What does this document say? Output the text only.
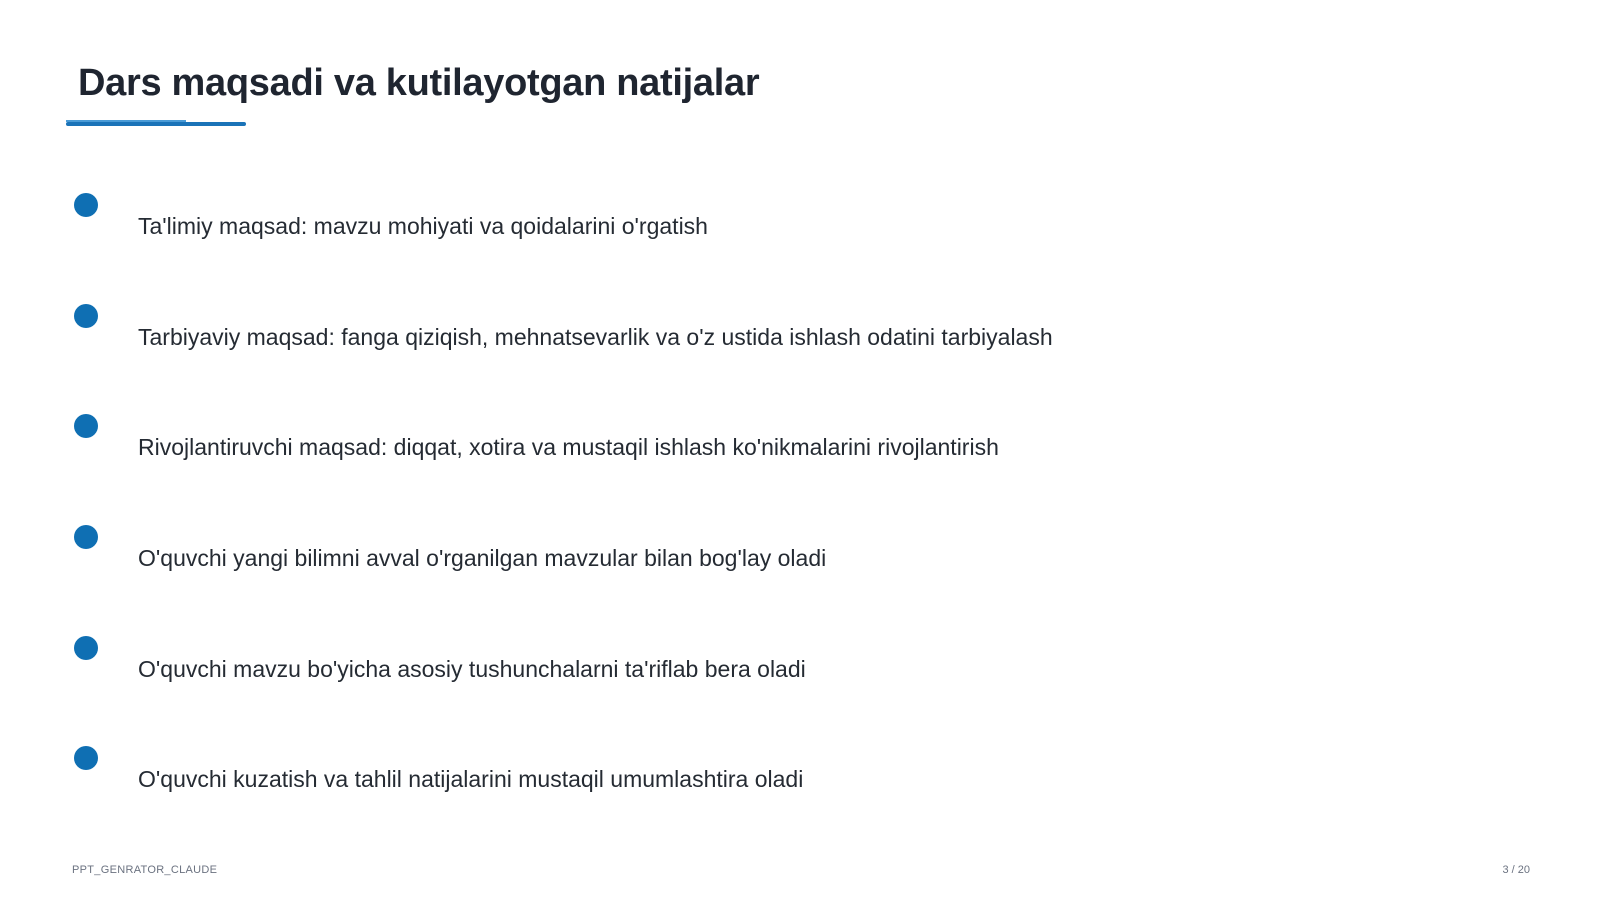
Dars maqsadi va kutilayotgan natijalar
Ta'limiy maqsad: mavzu mohiyati va qoidalarini o'rgatish
Tarbiyaviy maqsad: fanga qiziqish, mehnatsevarlik va o'z ustida ishlash odatini tarbiyalash
Rivojlantiruvchi maqsad: diqqat, xotira va mustaqil ishlash ko'nikmalarini rivojlantirish
O'quvchi yangi bilimni avval o'rganilgan mavzular bilan bog'lay oladi
O'quvchi mavzu bo'yicha asosiy tushunchalarni ta'riflab bera oladi
O'quvchi kuzatish va tahlil natijalarini mustaqil umumlashtira oladi
PPT_GENRATOR_CLAUDE	3 / 20
